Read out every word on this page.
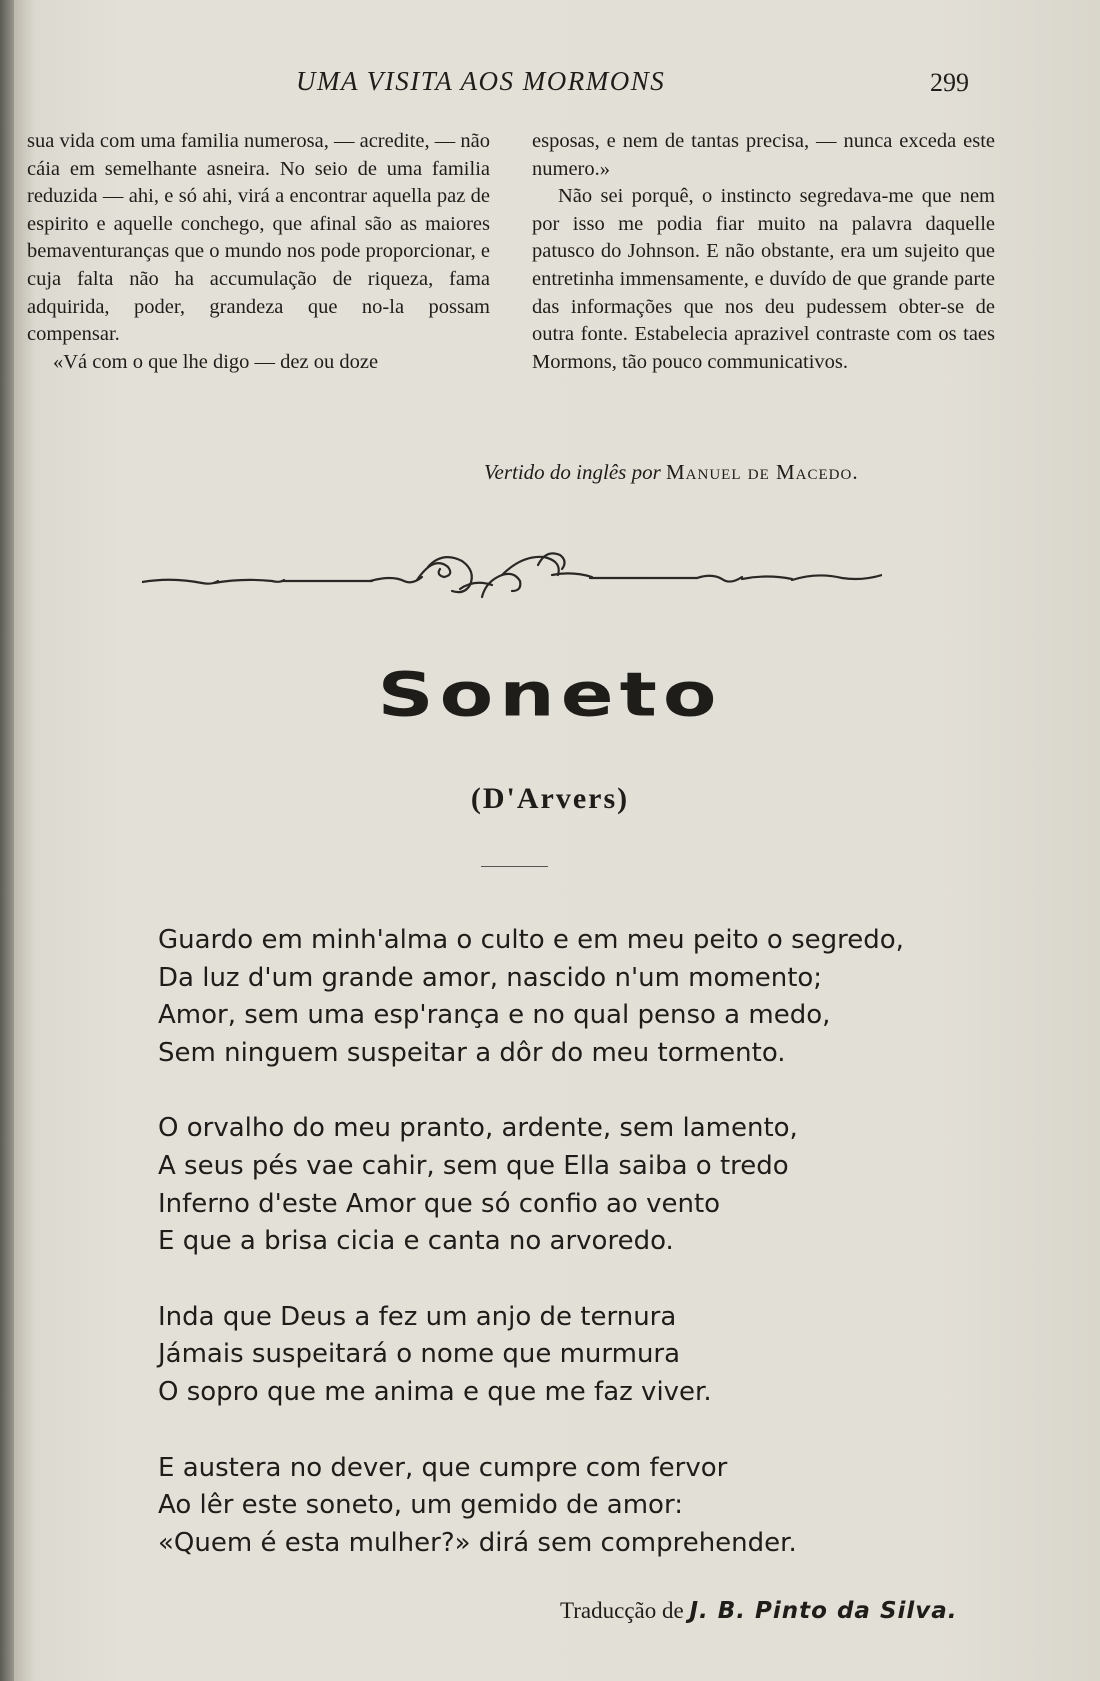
UMA VISITA AOS MORMONS	299

sua vida com uma familia numerosa, — acredite, — não cáia em semelhante asneira. No seio de uma familia reduzida — ahi, e só ahi, virá a encontrar aquella paz de espirito e aquelle conchego, que afinal são as maiores bemaventuranças que o mundo nos pode proporcionar, e cuja falta não ha accumulação de riqueza, fama adquirida, poder, grandeza que no-la possam compensar.

«Vá com o que lhe digo — dez ou doze

esposas, e nem de tantas precisa, — nunca exceda este numero.»

Não sei porquê, o instincto segredava-me que nem por isso me podia fiar muito na palavra daquelle patusco do Johnson. E não obstante, era um sujeito que entretinha immensamente, e duvído de que grande parte das informações que nos deu pudessem obter-se de outra fonte. Estabelecia aprazivel contraste com os taes Mormons, tão pouco communicativos.

Vertido do inglês por Manuel de Macedo.
Soneto
(D'Arvers)
Guardo em minh'alma o culto e em meu peito o segredo,
Da luz d'um grande amor, nascido n'um momento;
Amor, sem uma esp'rança e no qual penso a medo,
Sem ninguem suspeitar a dôr do meu tormento.
O orvalho do meu pranto, ardente, sem lamento,
A seus pés vae cahir, sem que Ella saiba o tredo
Inferno d'este Amor que só confio ao vento
E que a brisa cicia e canta no arvoredo.
Inda que Deus a fez um anjo de ternura
Jámais suspeitará o nome que murmura
O sopro que me anima e que me faz viver.
E austera no dever, que cumpre com fervor
Ao lêr este soneto, um gemido de amor:
«Quem é esta mulher?» dirá sem comprehender.
Traducção de J. B. Pinto da Silva.
